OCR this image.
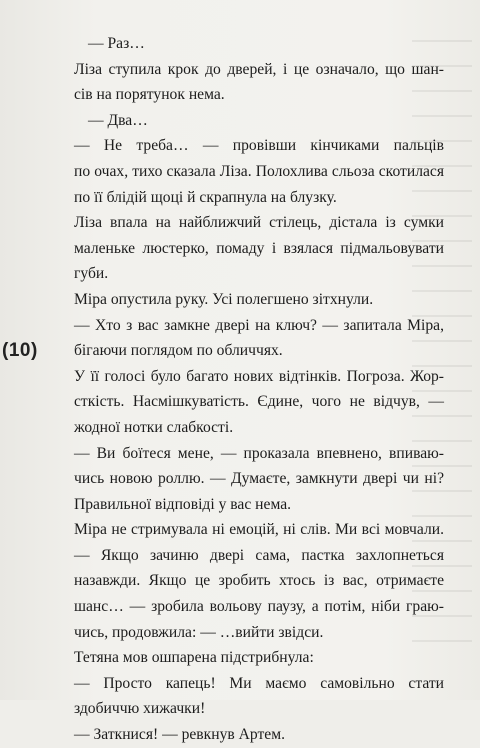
(10)
— Раз…
Ліза ступила крок до дверей, і це означало, що шан-
сів на порятунок нема.
— Два…
— Не треба… — провівши кінчиками пальців
по очах, тихо сказала Ліза. Полохлива сльоза скотилася
по її блідій щоці й скрапнула на блузку.
Ліза впала на найближчий стілець, дістала із сумки
маленьке люстерко, помаду і взялася підмальовувати
губи.
Міра опустила руку. Усі полегшено зітхнули.
— Хто з вас замкне двері на ключ? — запитала Міра,
бігаючи поглядом по обличчях.
У її голосі було багато нових відтінків. Погроза. Жор-
сткість. Насмішкуватість. Єдине, чого не відчув, —
жодної нотки слабкості.
— Ви боїтеся мене, — проказала впевнено, впиваю-
чись новою роллю. — Думаєте, замкнути двері чи ні?
Правильної відповіді у вас нема.
Міра не стримувала ні емоцій, ні слів. Ми всі мовчали.
— Якщо зачиню двері сама, пастка захлопнеться
назавжди. Якщо це зробить хтось із вас, отримаєте
шанс… — зробила вольову паузу, а потім, ніби граю-
чись, продовжила: — …вийти звідси.
Тетяна мов ошпарена підстрибнула:
— Просто капець! Ми маємо самовільно стати
здобиччю хижачки!
— Заткнися! — ревкнув Артем.
